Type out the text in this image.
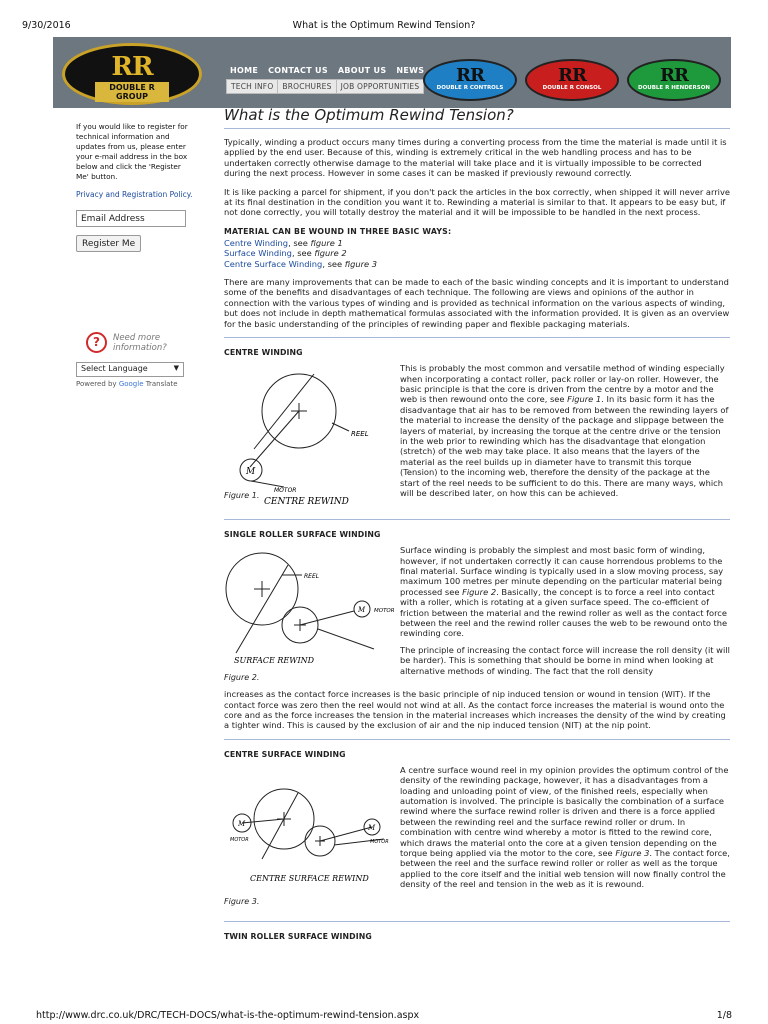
9/30/2016	What is the Optimum Rewind Tension?
RR
DOUBLE R GROUP
HOME	CONTACT US	ABOUT US	NEWS
TECH INFO	BROCHURES	JOB OPPORTUNITIES
RR
DOUBLE R CONTROLS
RR
DOUBLE R CONSOL
RR
DOUBLE R HENDERSON
If you would like to register for technical information and updates from us, please enter your e-mail address in the box below and click the 'Register Me' button.
Privacy and Registration Policy.
Email Address
Register Me
?	Need more information?
Select Language	▼
Powered by Google Translate
What is the Optimum Rewind Tension?

Typically, winding a product occurs many times during a converting process from the time the material is made until it is applied by the end user. Because of this, winding is extremely critical in the web handling process and has to be undertaken correctly otherwise damage to the material will take place and it is virtually impossible to be corrected during the next process. However in some cases it can be masked if previously rewound correctly.

It is like packing a parcel for shipment, if you don't pack the articles in the box correctly, when shipped it will never arrive at its final destination in the condition you want it to. Rewinding a material is similar to that. It appears to be easy but, if not done correctly, you will totally destroy the material and it will be impossible to be handled in the next process.

MATERIAL CAN BE WOUND IN THREE BASIC WAYS:
Centre Winding, see figure 1
Surface Winding, see figure 2
Centre Surface Winding, see figure 3

There are many improvements that can be made to each of the basic winding concepts and it is important to understand some of the benefits and disadvantages of each technique. The following are views and opinions of the author in connection with the various types of winding and is provided as technical information on the various aspects of winding, but does not include in depth mathematical formulas associated with the information provided. It is given as an overview for the basic understanding of the principles of rewinding paper and flexible packaging materials.

CENTRE WINDING
M
REEL
MOTOR
CENTRE REWIND
Figure 1.
This is probably the most common and versatile method of winding especially when incorporating a contact roller, pack roller or lay-on roller. However, the basic principle is that the core is driven from the centre by a motor and the web is then rewound onto the core, see Figure 1. In its basic form it has the disadvantage that air has to be removed from between the rewinding layers of the material to increase the density of the package and slippage between the layers of material, by increasing the torque at the centre drive or the tension in the web prior to rewinding which has the disadvantage that elongation (stretch) of the web may take place. It also means that the layers of the material as the reel builds up in diameter have to transmit this torque (Tension) to the incoming web, therefore the density of the package at the start of the reel needs to be sufficient to do this. There are many ways, which will be described later, on how this can be achieved.
SINGLE ROLLER SURFACE WINDING
M
REEL
MOTOR
SURFACE REWIND
Figure 2.
Surface winding is probably the simplest and most basic form of winding, however, if not undertaken correctly it can cause horrendous problems to the final material. Surface winding is typically used in a slow moving process, say maximum 100 metres per minute depending on the particular material being processed see Figure 2. Basically, the concept is to force a reel into contact with a roller, which is rotating at a given surface speed. The co-efficient of friction between the material and the rewind roller as well as the contact force between the reel and the rewind roller causes the web to be rewound onto the rewinding core.
The principle of increasing the contact force will increase the roll density (it will be harder). This is something that should be borne in mind when looking at alternative methods of winding. The fact that the roll density

increases as the contact force increases is the basic principle of nip induced tension or wound in tension (WIT). If the contact force was zero then the reel would not wind at all. As the contact force increases the material is wound onto the core and as the force increases the tension in the material increases which increases the density of the wind by creating a tighter wind. This is caused by the exclusion of air and the nip induced tension (NIT) at the nip point.

CENTRE SURFACE WINDING
M	M
MOTOR	MOTOR
CENTRE SURFACE REWIND
Figure 3.
A centre surface wound reel in my opinion provides the optimum control of the density of the rewinding package, however, it has a disadvantages from a loading and unloading point of view, of the finished reels, especially when automation is involved. The principle is basically the combination of a surface rewind where the surface rewind roller is driven and there is a force applied between the rewinding reel and the surface rewind roller or drum. In combination with centre wind whereby a motor is fitted to the rewind core, which draws the material onto the core at a given tension depending on the torque being applied via the motor to the core, see Figure 3. The contact force, between the reel and the surface rewind roller or roller as well as the torque applied to the core itself and the initial web tension will now finally control the density of the reel and tension in the web as it is rewound.
TWIN ROLLER SURFACE WINDING
http://www.drc.co.uk/DRC/TECH-DOCS/what-is-the-optimum-rewind-tension.aspx	1/8
